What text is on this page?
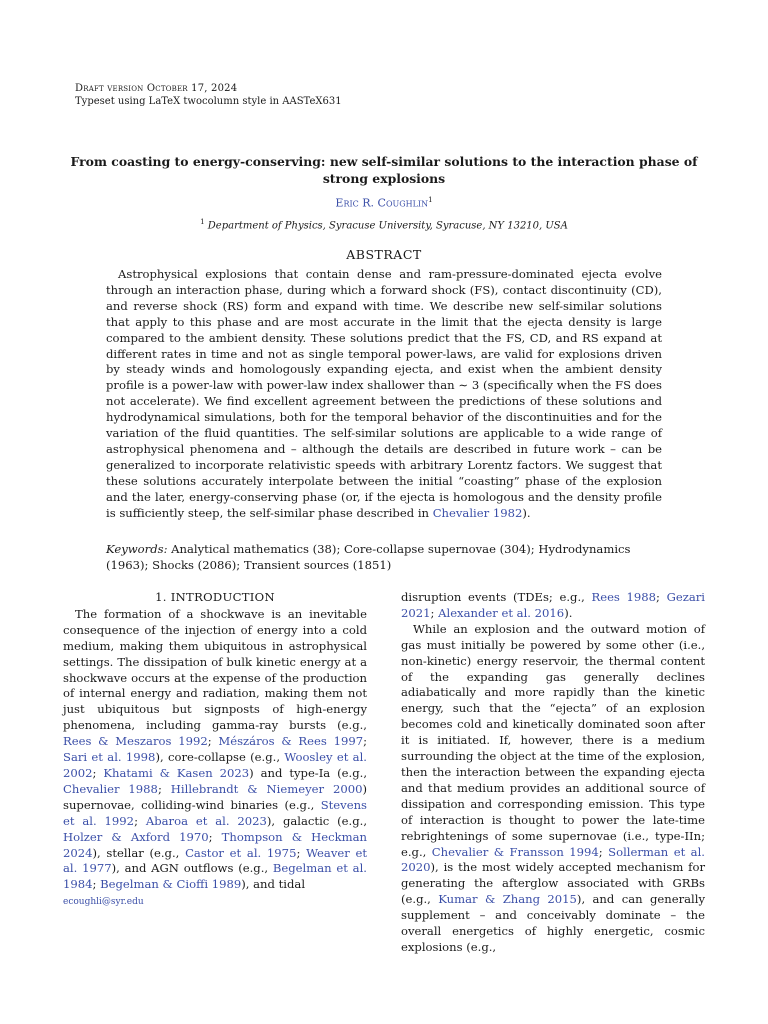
Draft version October 17, 2024
Typeset using LaTeX twocolumn style in AASTeX631
From coasting to energy-conserving: new self-similar solutions to the interaction phase of strong explosions
Eric R. Coughlin$^1$
$^1$ Department of Physics, Syracuse University, Syracuse, NY 13210, USA
ABSTRACT
Astrophysical explosions that contain dense and ram-pressure-dominated ejecta evolve through an interaction phase, during which a forward shock (FS), contact discontinuity (CD), and reverse shock (RS) form and expand with time. We describe new self-similar solutions that apply to this phase and are most accurate in the limit that the ejecta density is large compared to the ambient density. These solutions predict that the FS, CD, and RS expand at different rates in time and not as single temporal power-laws, are valid for explosions driven by steady winds and homologously expanding ejecta, and exist when the ambient density profile is a power-law with power-law index shallower than ∼ 3 (specifically when the FS does not accelerate). We find excellent agreement between the predictions of these solutions and hydrodynamical simulations, both for the temporal behavior of the discontinuities and for the variation of the fluid quantities. The self-similar solutions are applicable to a wide range of astrophysical phenomena and – although the details are described in future work – can be generalized to incorporate relativistic speeds with arbitrary Lorentz factors. We suggest that these solutions accurately interpolate between the initial “coasting” phase of the explosion and the later, energy-conserving phase (or, if the ejecta is homologous and the density profile is sufficiently steep, the self-similar phase described in Chevalier 1982).
Keywords: Analytical mathematics (38); Core-collapse supernovae (304); Hydrodynamics (1963); Shocks (2086); Transient sources (1851)
1. INTRODUCTION

The formation of a shockwave is an inevitable consequence of the injection of energy into a cold medium, making them ubiquitous in astrophysical settings. The dissipation of bulk kinetic energy at a shockwave occurs at the expense of the production of internal energy and radiation, making them not just ubiquitous but signposts of high-energy phenomena, including gamma-ray bursts (e.g., Rees & Meszaros 1992; Mészáros & Rees 1997; Sari et al. 1998), core-collapse (e.g., Woosley et al. 2002; Khatami & Kasen 2023) and type-Ia (e.g., Chevalier 1988; Hillebrandt & Niemeyer 2000) supernovae, colliding-wind binaries (e.g., Stevens et al. 1992; Abaroa et al. 2023), galactic (e.g., Holzer & Axford 1970; Thompson & Heckman 2024), stellar (e.g., Castor et al. 1975; Weaver et al. 1977), and AGN outflows (e.g., Begelman et al. 1984; Begelman & Cioffi 1989), and tidal

disruption events (TDEs; e.g., Rees 1988; Gezari 2021; Alexander et al. 2016).

While an explosion and the outward motion of gas must initially be powered by some other (i.e., non-kinetic) energy reservoir, the thermal content of the expanding gas generally declines adiabatically and more rapidly than the kinetic energy, such that the “ejecta” of an explosion becomes cold and kinetically dominated soon after it is initiated. If, however, there is a medium surrounding the object at the time of the explosion, then the interaction between the expanding ejecta and that medium provides an additional source of dissipation and corresponding emission. This type of interaction is thought to power the late-time rebrightenings of some supernovae (i.e., type-IIn; e.g., Chevalier & Fransson 1994; Sollerman et al. 2020), is the most widely accepted mechanism for generating the afterglow associated with GRBs (e.g., Kumar & Zhang 2015), and can generally supplement – and conceivably dominate – the overall energetics of highly energetic, cosmic explosions (e.g.,

ecoughli@syr.edu
